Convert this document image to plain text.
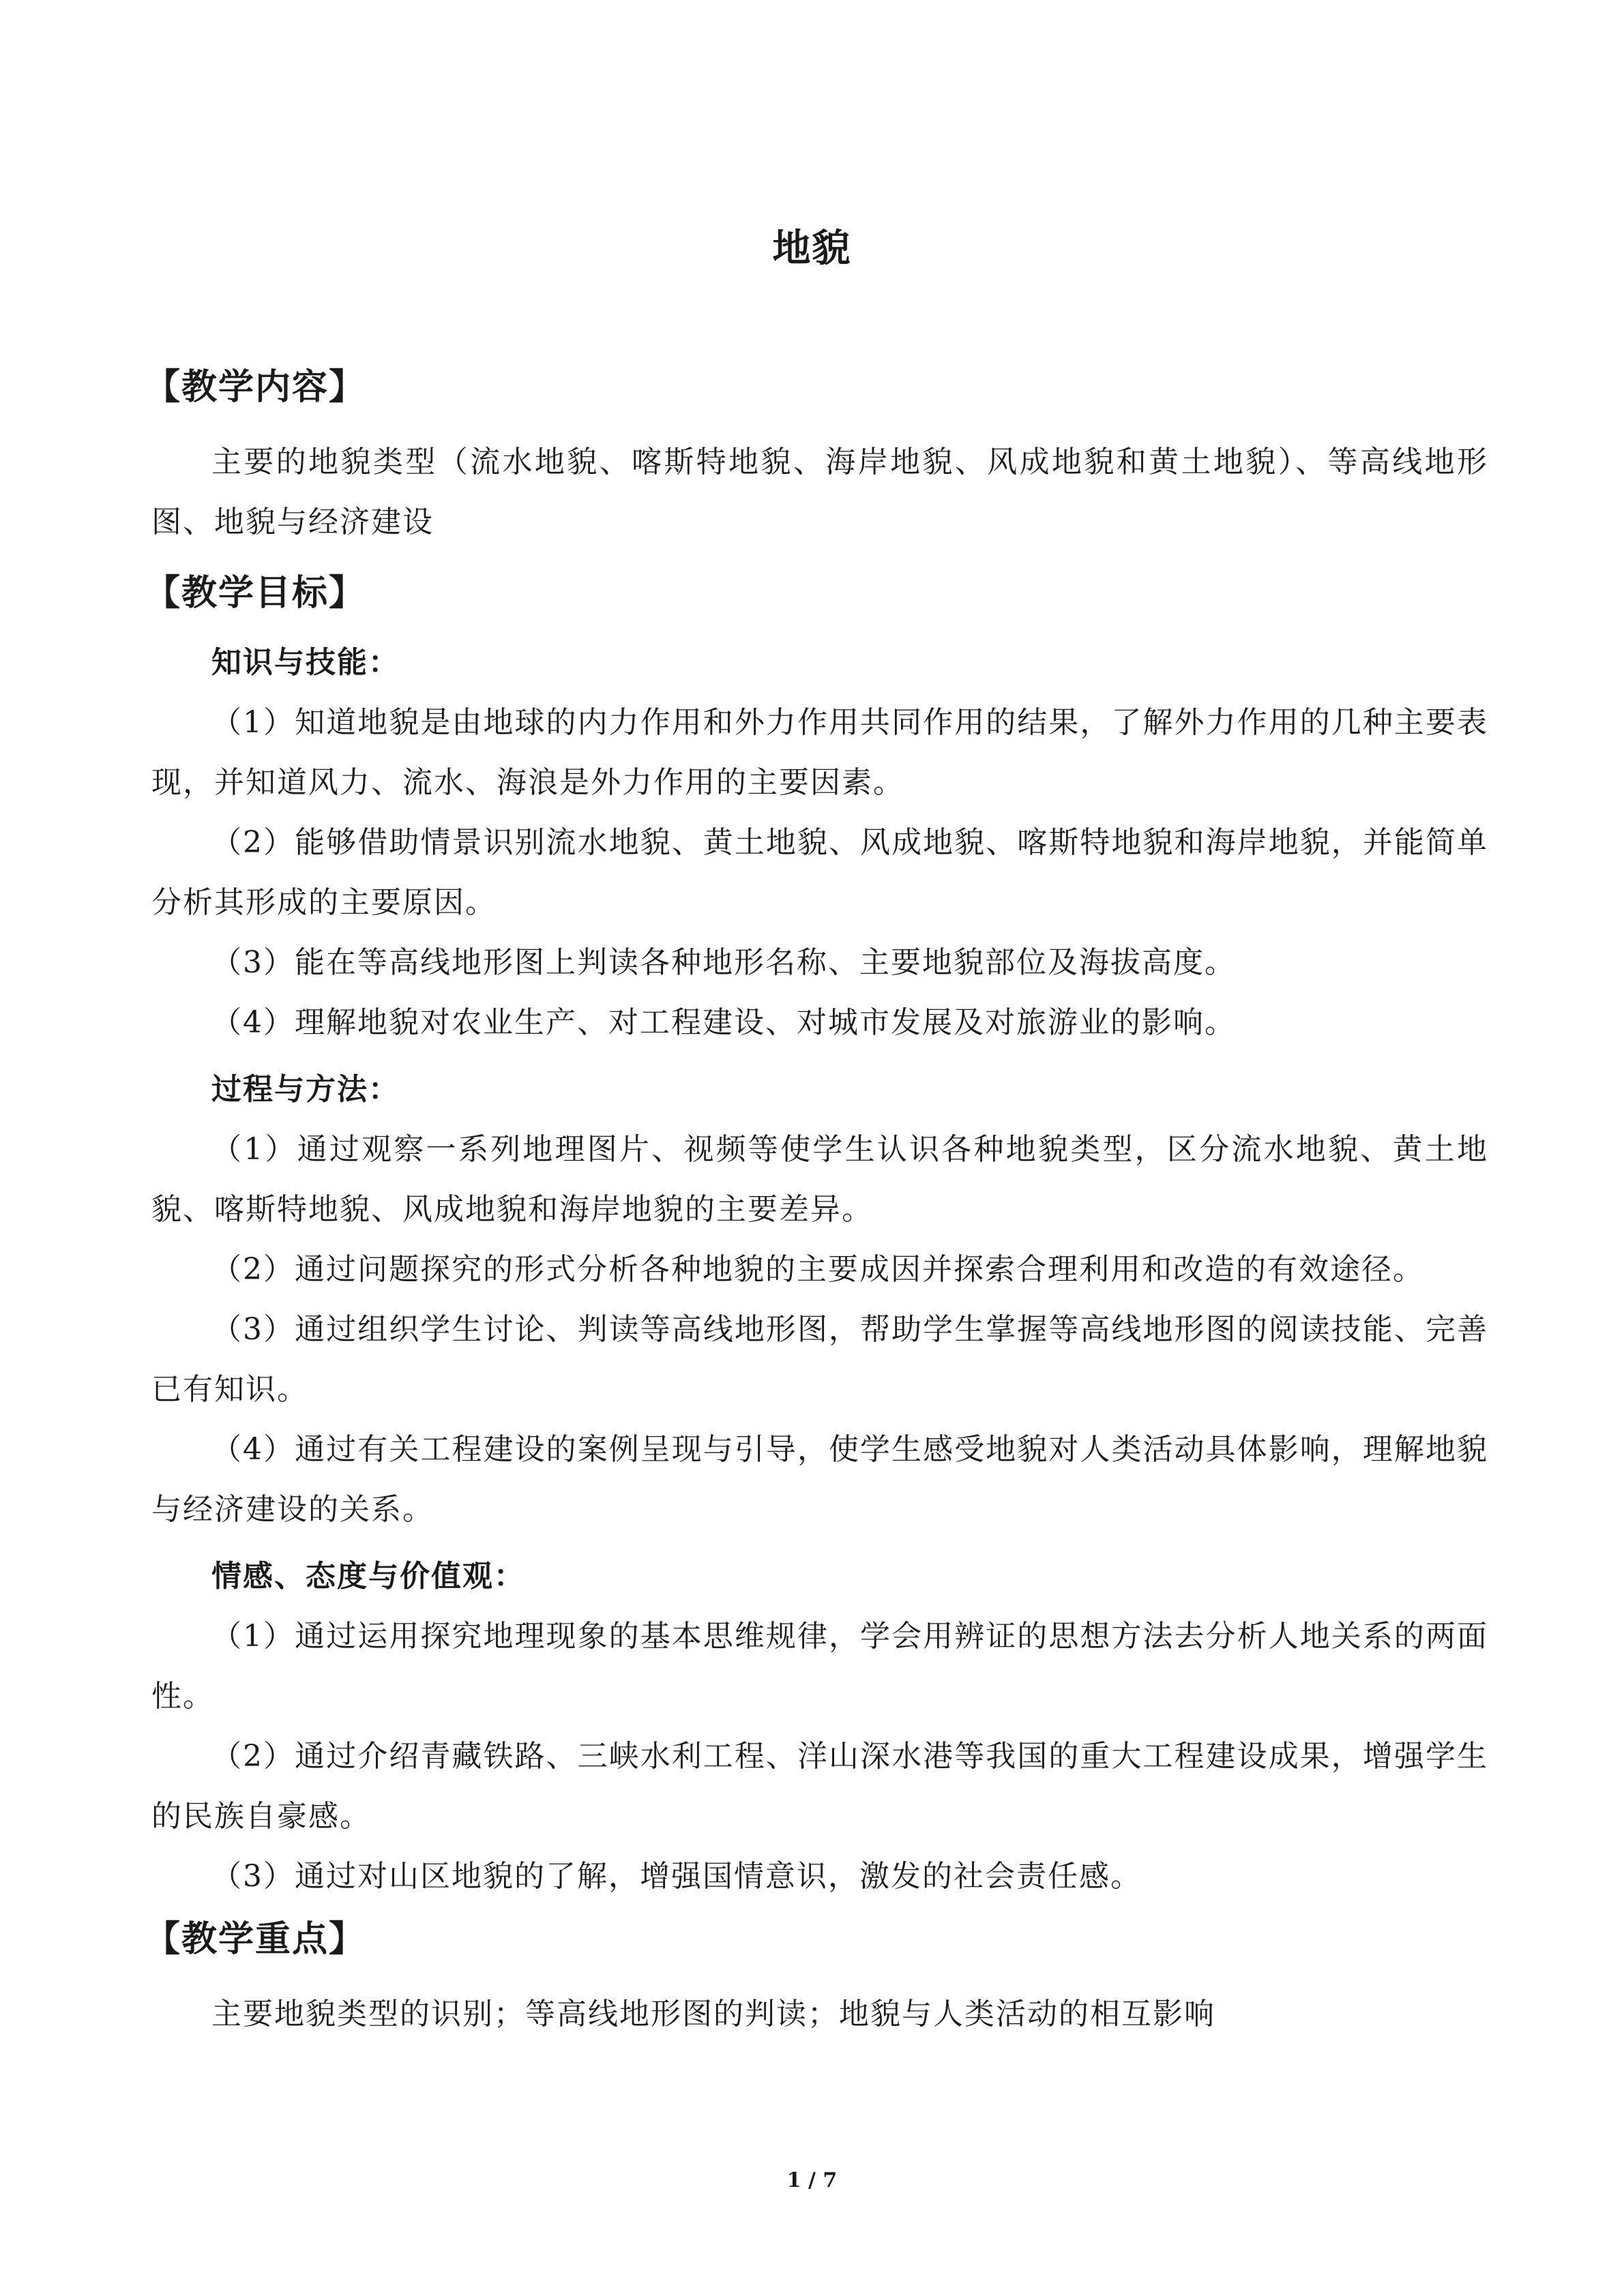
地貌
【教学内容】
主要的地貌类型（流水地貌、喀斯特地貌、海岸地貌、风成地貌和黄土地貌）、等高线地形图、地貌与经济建设
【教学目标】
知识与技能：
（1）知道地貌是由地球的内力作用和外力作用共同作用的结果，了解外力作用的几种主要表现，并知道风力、流水、海浪是外力作用的主要因素。
（2）能够借助情景识别流水地貌、黄土地貌、风成地貌、喀斯特地貌和海岸地貌，并能简单分析其形成的主要原因。
（3）能在等高线地形图上判读各种地形名称、主要地貌部位及海拔高度。
（4）理解地貌对农业生产、对工程建设、对城市发展及对旅游业的影响。
过程与方法：
（1）通过观察一系列地理图片、视频等使学生认识各种地貌类型，区分流水地貌、黄土地貌、喀斯特地貌、风成地貌和海岸地貌的主要差异。
（2）通过问题探究的形式分析各种地貌的主要成因并探索合理利用和改造的有效途径。
（3）通过组织学生讨论、判读等高线地形图，帮助学生掌握等高线地形图的阅读技能、完善已有知识。
（4）通过有关工程建设的案例呈现与引导，使学生感受地貌对人类活动具体影响，理解地貌与经济建设的关系。
情感、态度与价值观：
（1）通过运用探究地理现象的基本思维规律，学会用辨证的思想方法去分析人地关系的两面性。
（2）通过介绍青藏铁路、三峡水利工程、洋山深水港等我国的重大工程建设成果，增强学生的民族自豪感。
（3）通过对山区地貌的了解，增强国情意识，激发的社会责任感。
【教学重点】
主要地貌类型的识别；等高线地形图的判读；地貌与人类活动的相互影响
1 / 7
